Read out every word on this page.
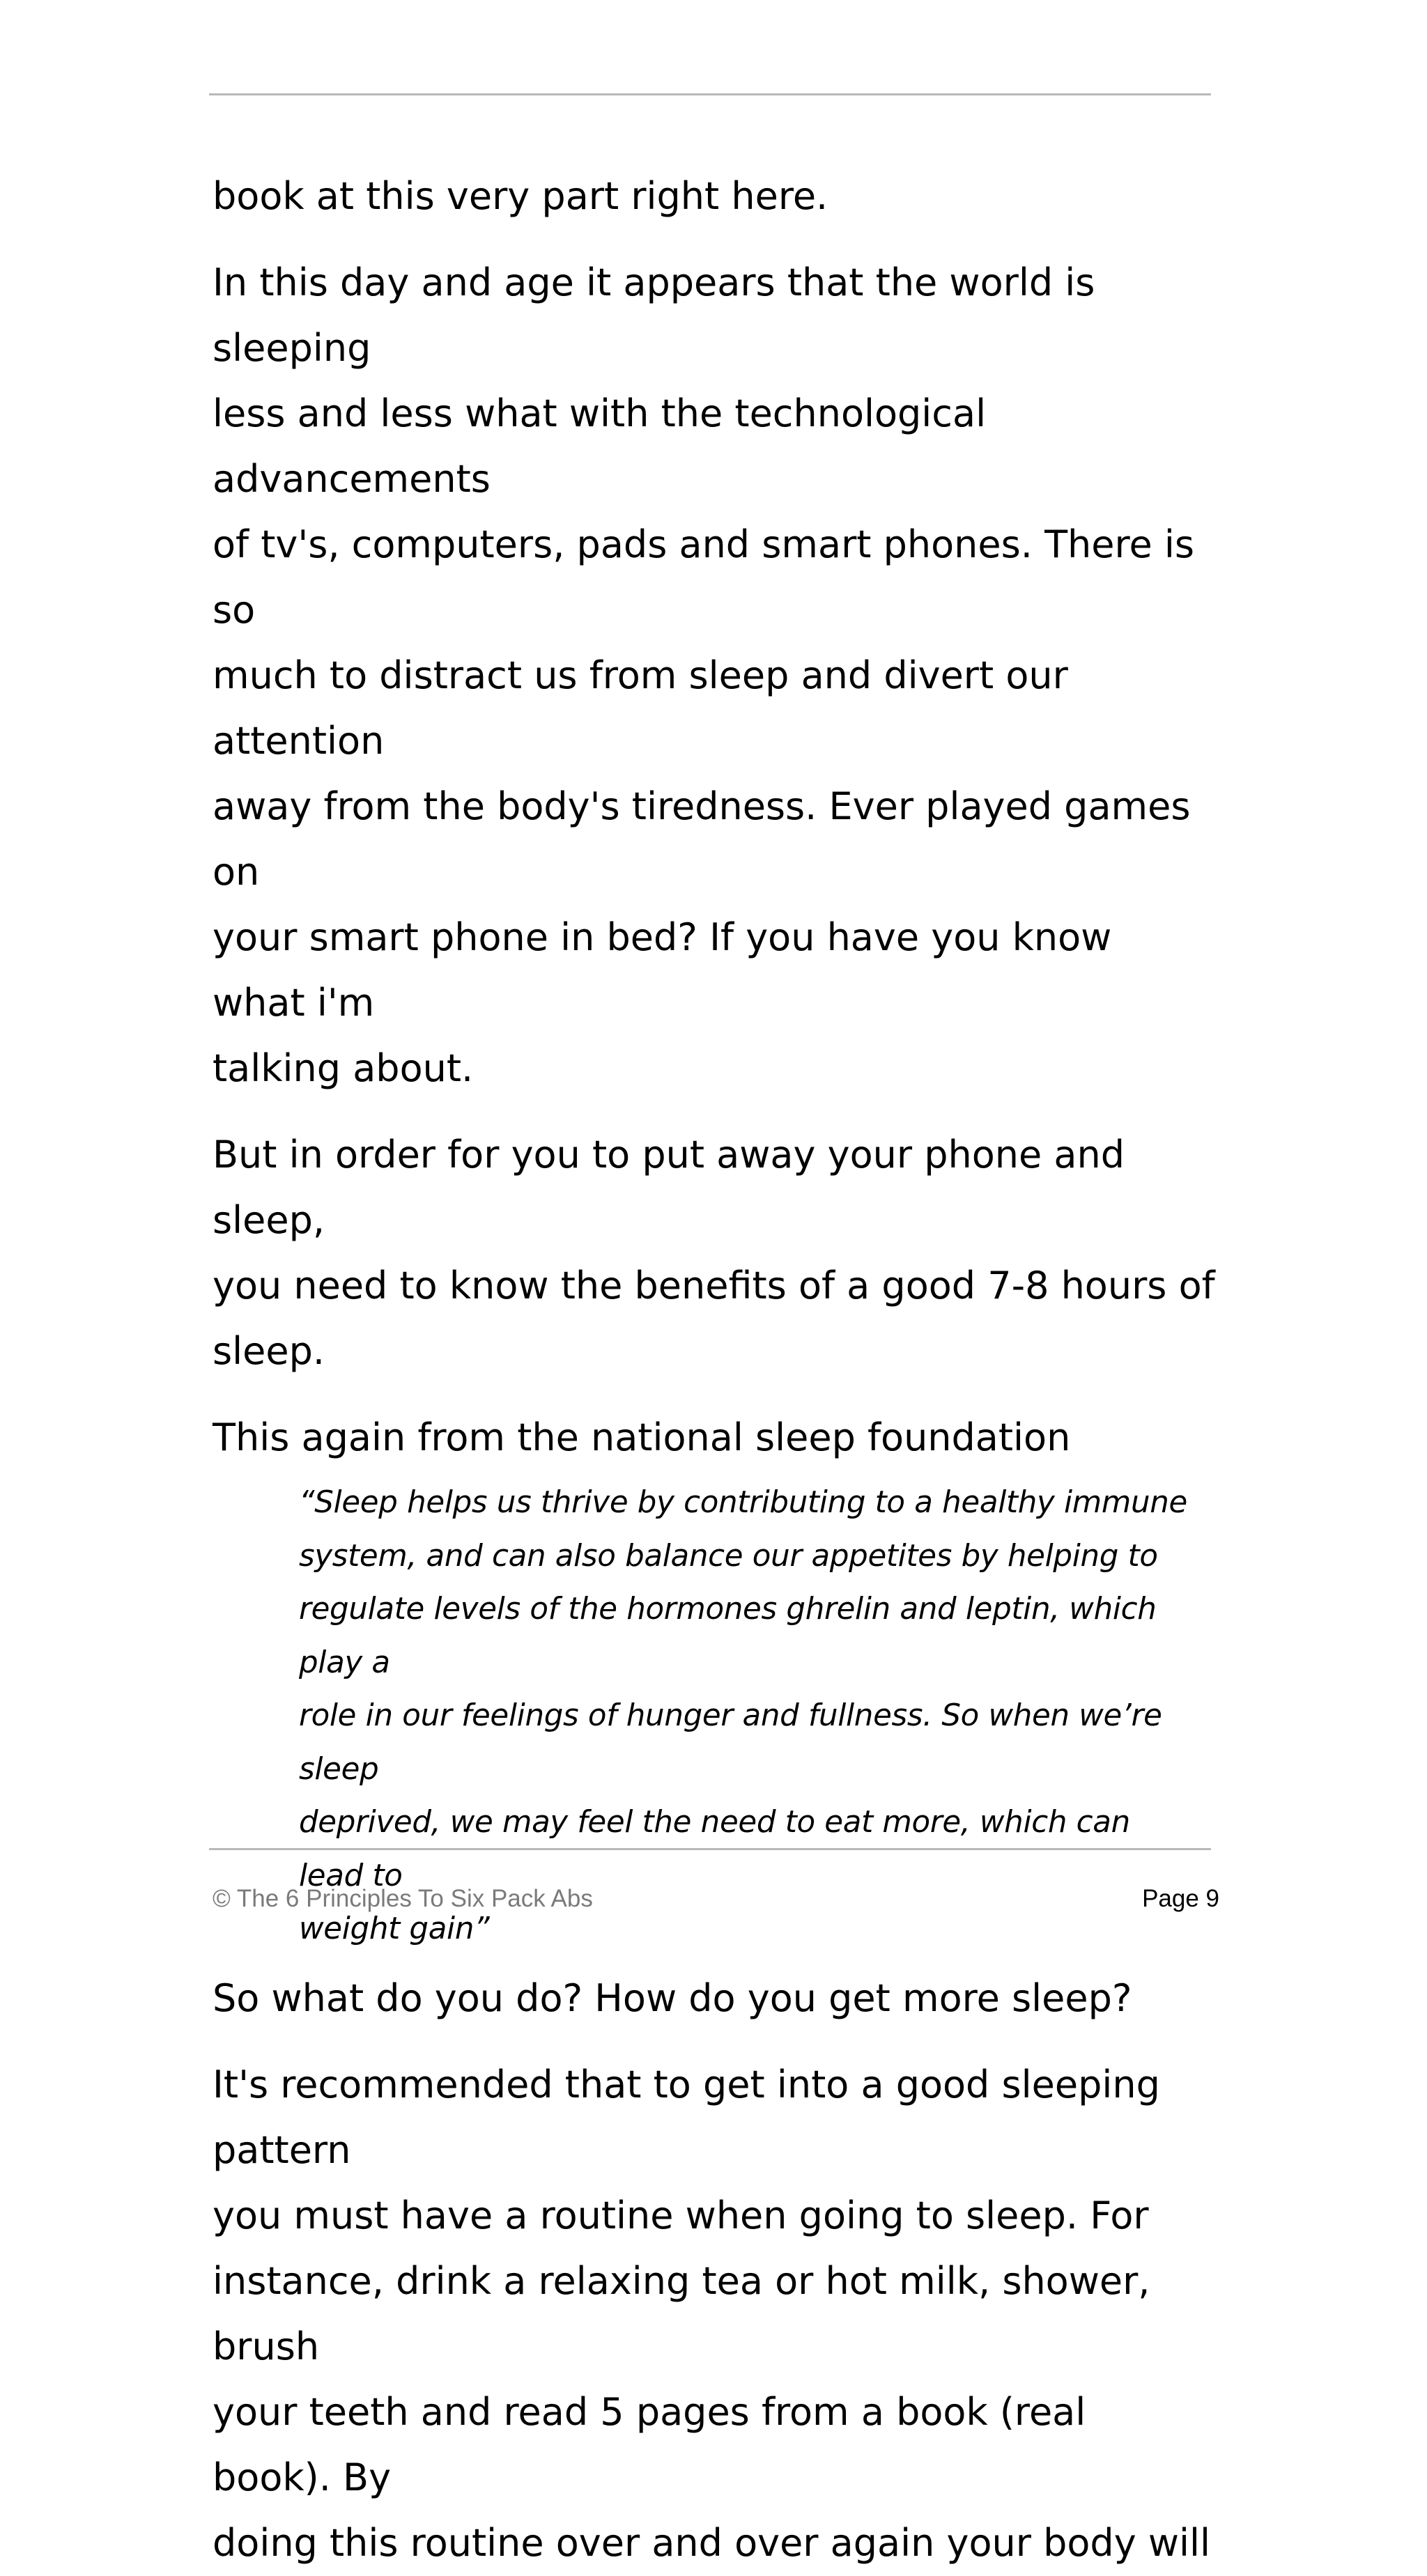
book at this very part right here.

In this day and age it appears that the world is sleeping
less and less what with the technological advancements
of tv's, computers, pads and smart phones. There is so
much to distract us from sleep and divert our attention
away from the body's tiredness. Ever played games on
your smart phone in bed? If you have you know what i'm
talking about.

But in order for you to put away your phone and sleep,
you need to know the benefits of a good 7-8 hours of
sleep.

This again from the national sleep foundation

“Sleep helps us thrive by contributing to a healthy immune
system, and can also balance our appetites by helping to
regulate levels of the hormones ghrelin and leptin, which play a
role in our feelings of hunger and fullness. So when we’re sleep
deprived, we may feel the need to eat more, which can lead to
weight gain”

So what do you do? How do you get more sleep?

It's recommended that to get into a good sleeping pattern
you must have a routine when going to sleep. For
instance, drink a relaxing tea or hot milk, shower, brush
your teeth and read 5 pages from a book (real book). By
doing this routine over and over again your body will

© The 6 Principles To Six Pack Abs	Page 9
